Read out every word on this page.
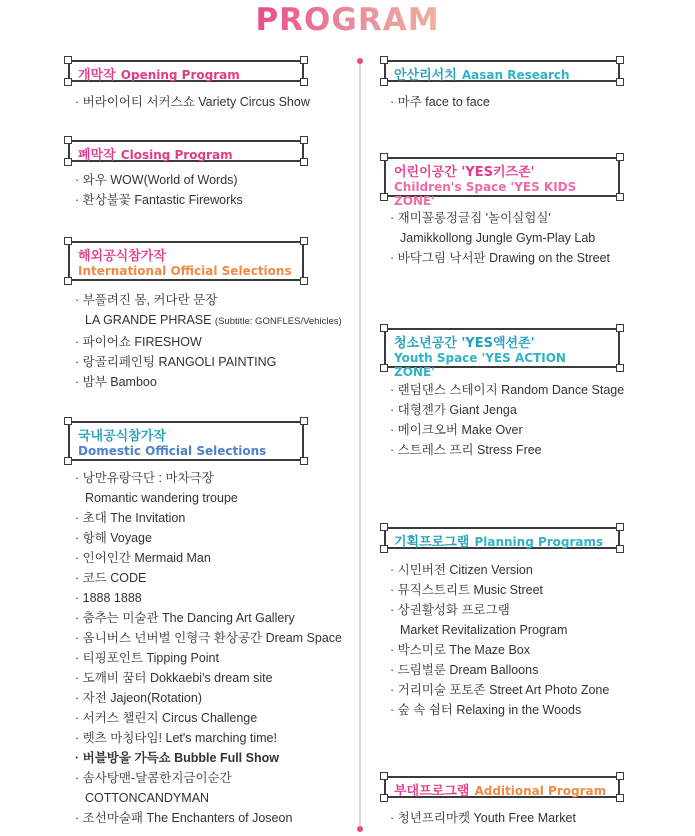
PROGRAM
개막작 Opening Program
· 버라이어티 서커스쇼 Variety Circus Show
폐막작 Closing Program
· 와우 WOW(World of Words)
· 환상불꽃 Fantastic Fireworks
해외공식참가작
International Official Selections
· 부풀려진 몸, 커다란 문장
LA GRANDE PHRASE (Subtitle: GONFLES/Vehicles)
· 파이어쇼 FIRESHOW
· 랑골리페인팅 RANGOLI PAINTING
· 밤부 Bamboo
국내공식참가작
Domestic Official Selections
· 낭만유랑극단 : 마차극장
Romantic wandering troupe
· 초대 The Invitation
· 항해 Voyage
· 인어인간 Mermaid Man
· 코드 CODE
· 1888 1888
· 춤추는 미술관 The Dancing Art Gallery
· 옴니버스 넌버벌 인형극 환상공간 Dream Space
· 티핑포인트 Tipping Point
· 도깨비 꿈터 Dokkaebi's dream site
· 자전 Jajeon(Rotation)
· 서커스 챌린지 Circus Challenge
· 렛츠 마칭타임! Let's marching time!
· 버블방울 가득쇼 Bubble Full Show
· 솜사탕맨-달콤한지금이순간
COTTONCANDYMAN
· 조선마술패 The Enchanters of Joseon
안산리서치 Aasan Research
· 마주 face to face
어린이공간 'YES키즈존'
Children's Space 'YES KIDS ZONE'
· 재미꼴롱정글짐 '놀이실험실'
Jamikkollong Jungle Gym-Play Lab
· 바닥그림 낙서판 Drawing on the Street
청소년공간 'YES액션존'
Youth Space 'YES ACTION ZONE'
· 랜덤댄스 스테이지 Random Dance Stage
· 대형젠가 Giant Jenga
· 메이크오버 Make Over
· 스트레스 프리 Stress Free
기획프로그램 Planning Programs
· 시민버전 Citizen Version
· 뮤직스트리트 Music Street
· 상권활성화 프로그램
Market Revitalization Program
· 박스미로 The Maze Box
· 드림벌룬 Dream Balloons
· 거리미술 포토존 Street Art Photo Zone
· 숲 속 쉼터 Relaxing in the Woods
부대프로그램 Additional Program
· 청년프리마켓 Youth Free Market
